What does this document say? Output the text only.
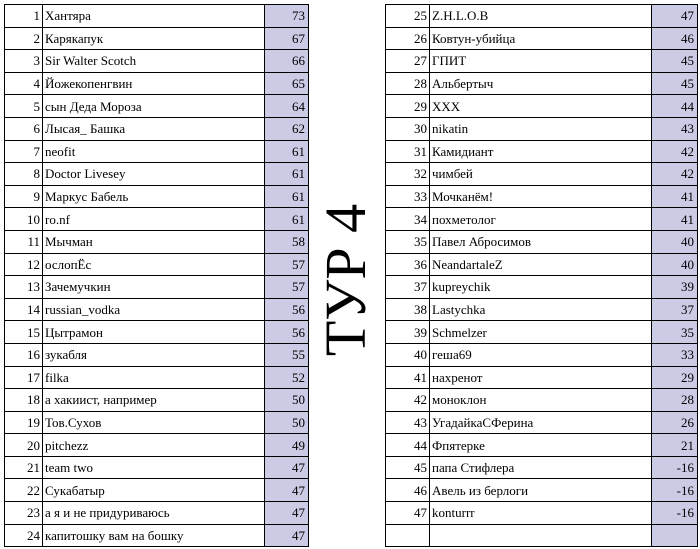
1	Хантяра	73
2	Карякапук	67
3	Sir Walter Scotch	66
4	Йожекопенгвин	65
5	сын Деда Мороза	64
6	Лысая_ Башка	62
7	neofit	61
8	Doctor Livesey	61
9	Маркус Бабель	61
10	ro.nf	61
11	Мычман	58
12	ослопЁс	57
13	Зачемучкин	57
14	russian_vodka	56
15	Цытрамон	56
16	зукабля	55
17	filka	52
18	а хакиист, например	50
19	Тов.Сухов	50
20	pitchezz	49
21	team two	47
22	Сукабатыр	47
23	а я и не придуриваюсь	47
24	капитошку вам на бошку	47
ТУР 4
25	Z.H.L.O.B	47
26	Ковтун-убийца	46
27	ГПИТ	45
28	Альбертыч	45
29	XXX	44
30	nikatin	43
31	Камидиант	42
32	чимбей	42
33	Мочканём!	41
34	похметолог	41
35	Павел Абросимов	40
36	NeandartaleZ	40
37	kupreychik	39
38	Lastychka	37
39	Schmelzer	35
40	гешa69	33
41	нахренот	29
42	моноклон	28
43	УгадайкаСФерина	26
44	Фпятерке	21
45	папа Стифлера	-16
46	Авель из берлоги	-16
47	konturrr	-16
